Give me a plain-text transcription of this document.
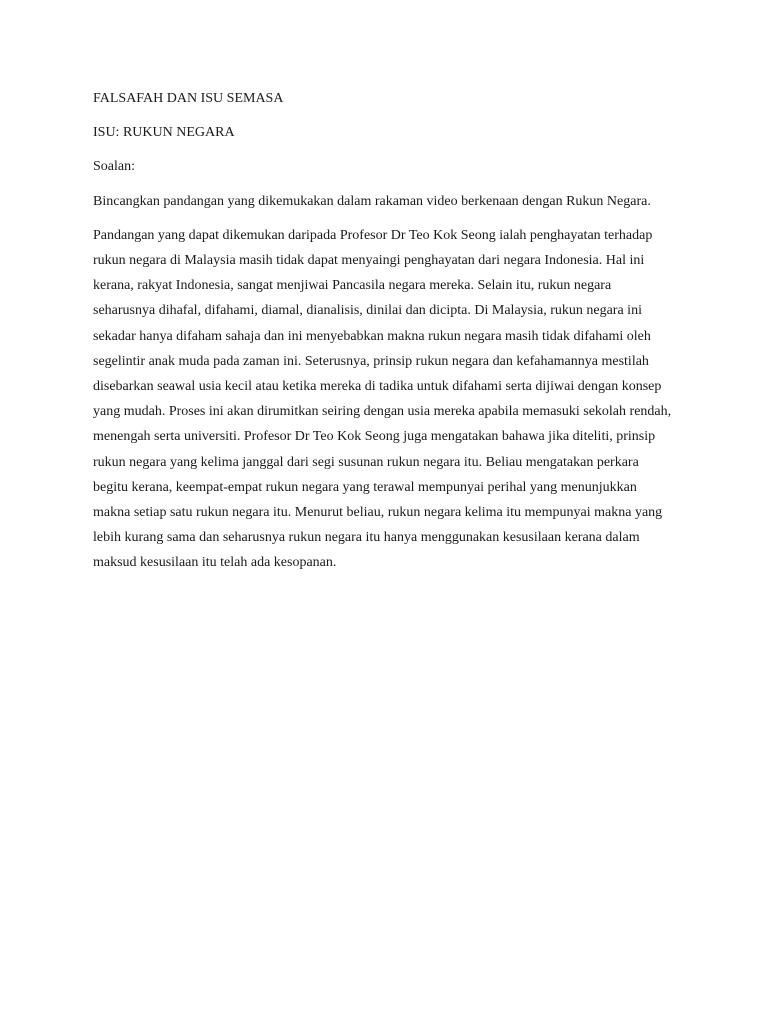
FALSAFAH DAN ISU SEMASA

ISU: RUKUN NEGARA

Soalan:

Bincangkan pandangan yang dikemukakan dalam rakaman video berkenaan dengan Rukun Negara.

Pandangan yang dapat dikemukan daripada Profesor Dr Teo Kok Seong ialah penghayatan terhadap rukun negara di Malaysia masih tidak dapat menyaingi penghayatan dari negara Indonesia. Hal ini kerana, rakyat Indonesia, sangat menjiwai Pancasila negara mereka. Selain itu, rukun negara seharusnya dihafal, difahami, diamal, dianalisis, dinilai dan dicipta. Di Malaysia, rukun negara ini sekadar hanya difaham sahaja dan ini menyebabkan makna rukun negara masih tidak difahami oleh segelintir anak muda pada zaman ini. Seterusnya, prinsip rukun negara dan kefahamannya mestilah disebarkan seawal usia kecil atau ketika mereka di tadika untuk difahami serta dijiwai dengan konsep yang mudah. Proses ini akan dirumitkan seiring dengan usia mereka apabila memasuki sekolah rendah, menengah serta universiti. Profesor Dr Teo Kok Seong juga mengatakan bahawa jika diteliti, prinsip rukun negara yang kelima janggal dari segi susunan rukun negara itu. Beliau mengatakan perkara begitu kerana, keempat-empat rukun negara yang terawal mempunyai perihal yang menunjukkan makna setiap satu rukun negara itu. Menurut beliau, rukun negara kelima itu mempunyai makna yang lebih kurang sama dan seharusnya rukun negara itu hanya menggunakan kesusilaan kerana dalam maksud kesusilaan itu telah ada kesopanan.
